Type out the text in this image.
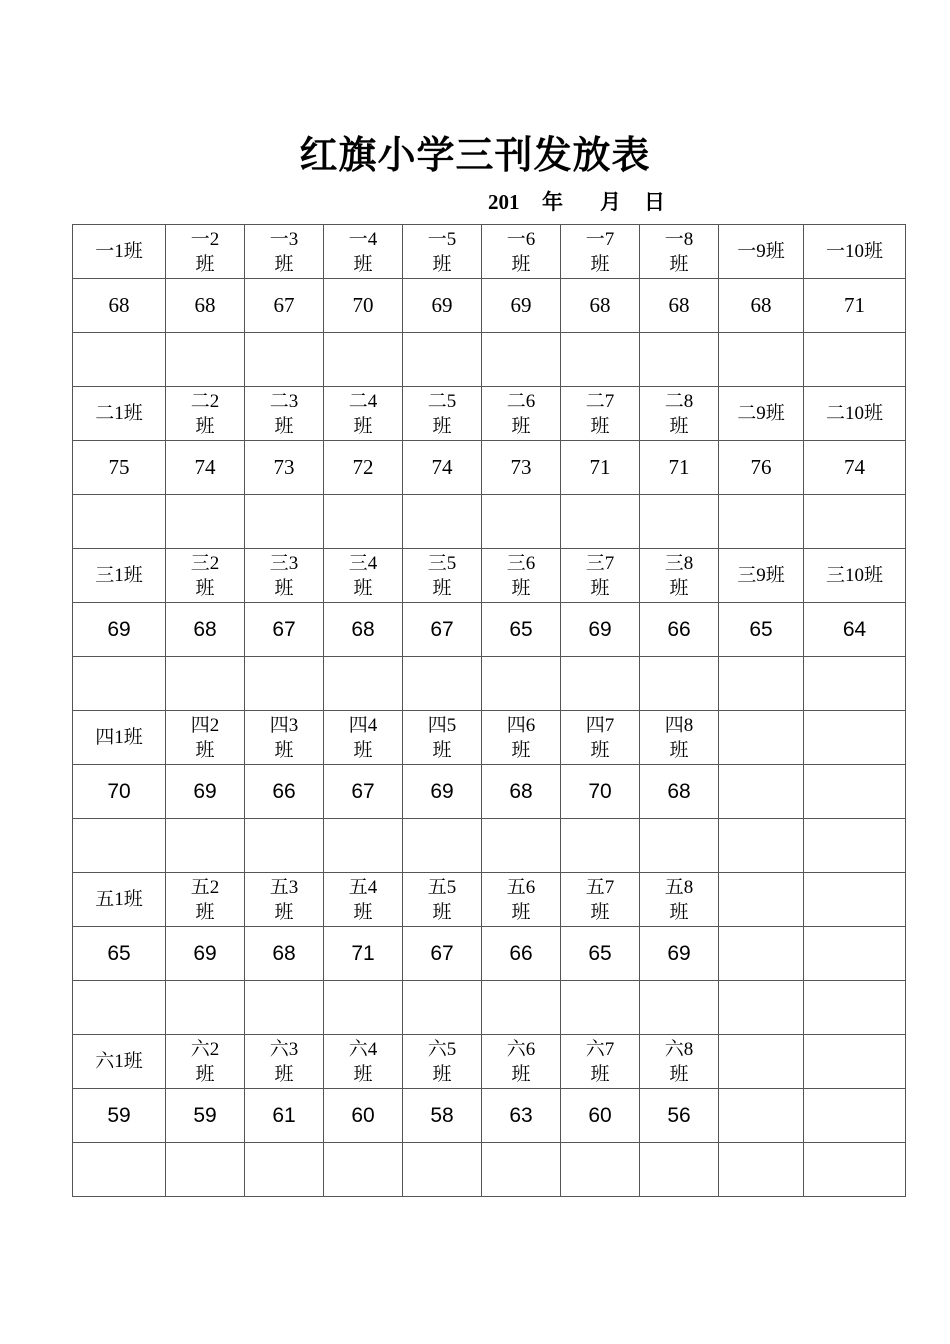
红旗小学三刊发放表
201 年 月 日
一1班	一2班	一3班	一4班	一5班	一6班	一7班	一8班	一9班	一10班
68	68	67	70	69	69	68	68	68	71

二1班	二2班	二3班	二4班	二5班	二6班	二7班	二8班	二9班	二10班
75	74	73	72	74	73	71	71	76	74

三1班	三2班	三3班	三4班	三5班	三6班	三7班	三8班	三9班	三10班
69	68	67	68	67	65	69	66	65	64

四1班	四2班	四3班	四4班	四5班	四6班	四7班	四8班		
70	69	66	67	69	68	70	68		

五1班	五2班	五3班	五4班	五5班	五6班	五7班	五8班		
65	69	68	71	67	66	65	69		

六1班	六2班	六3班	六4班	六5班	六6班	六7班	六8班		
59	59	61	60	58	63	60	56		
